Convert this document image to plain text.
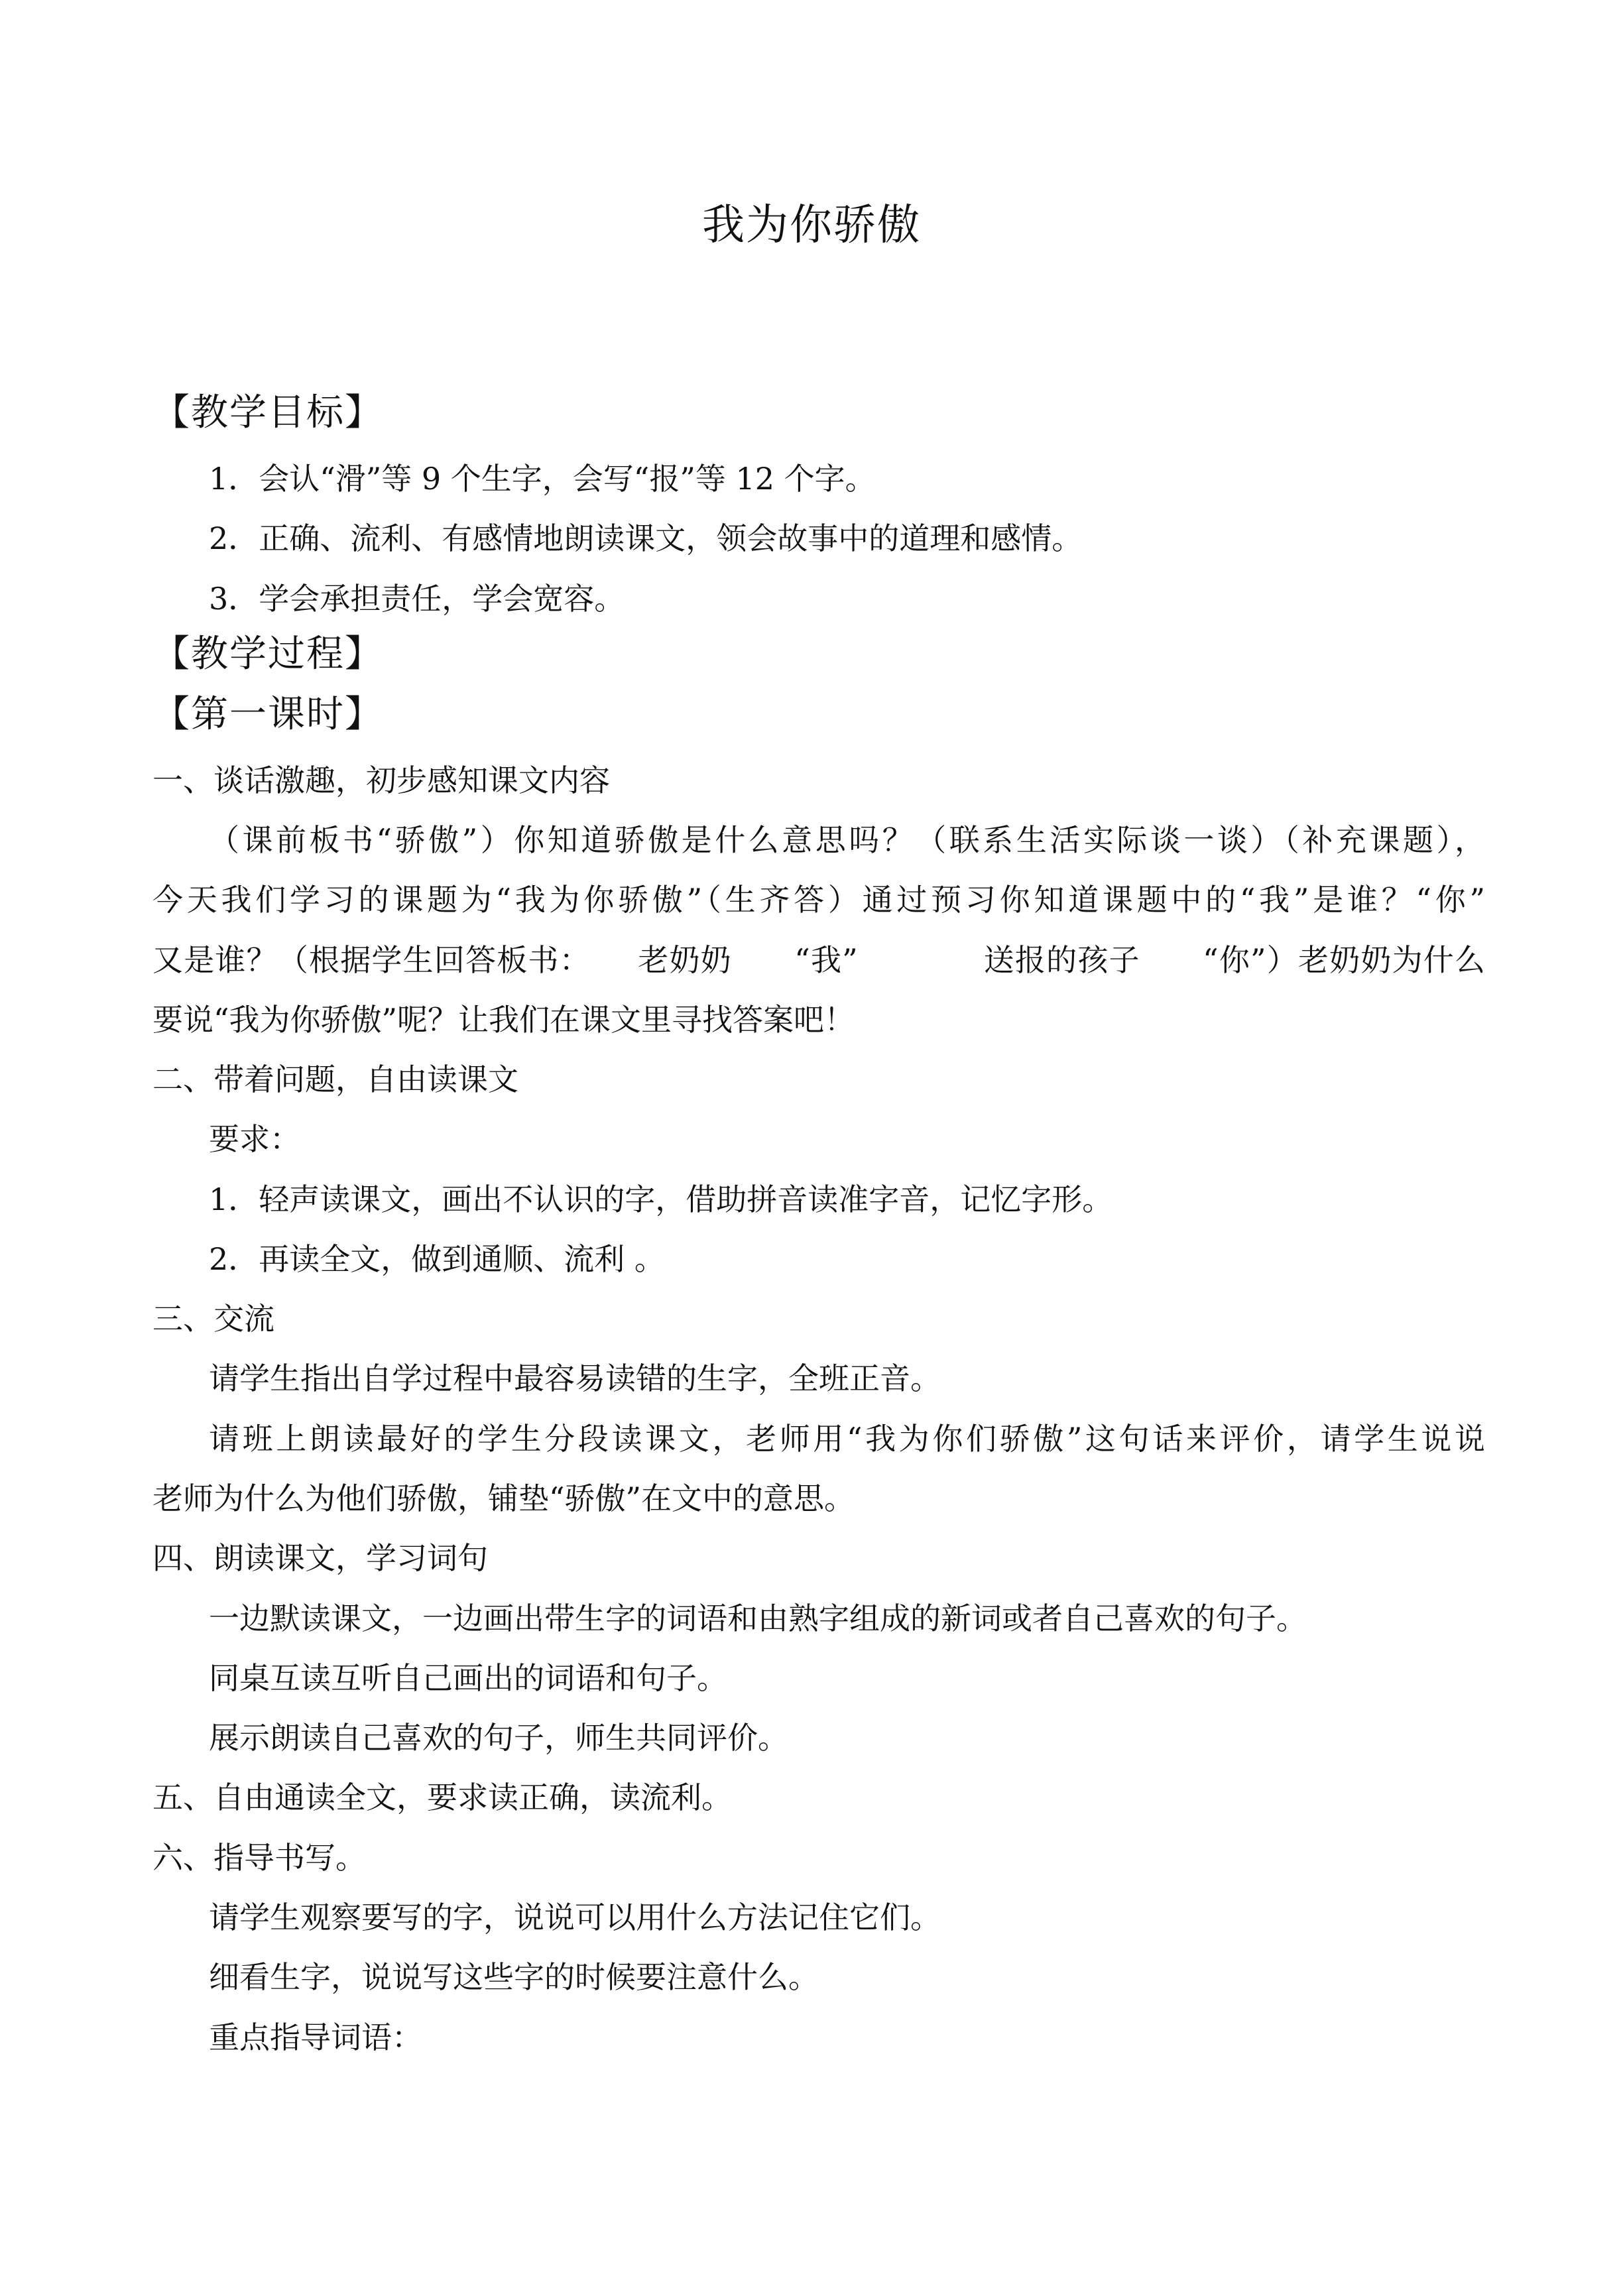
我为你骄傲
【教学目标】
1．会认“滑”等 9 个生字，会写“报”等 12 个字。
2．正确、流利、有感情地朗读课文，领会故事中的道理和感情。
3．学会承担责任，学会宽容。
【教学过程】
【第一课时】
一、谈话激趣，初步感知课文内容
（课前板书“骄傲”）你知道骄傲是什么意思吗？（联系生活实际谈一谈）（补充课题），
今天我们学习的课题为“我为你骄傲”（生齐答）通过预习你知道课题中的“我”是谁？“你”
又是谁？（根据学生回答板书：　　老奶奶　　“我”　　　　送报的孩子　　“你”）老奶奶为什么
要说“我为你骄傲”呢？让我们在课文里寻找答案吧！
二、带着问题，自由读课文
要求：
1．轻声读课文，画出不认识的字，借助拼音读准字音，记忆字形。
2．再读全文，做到通顺、流利 。
三、交流
请学生指出自学过程中最容易读错的生字，全班正音。
请班上朗读最好的学生分段读课文，老师用“我为你们骄傲”这句话来评价，请学生说说
老师为什么为他们骄傲，铺垫“骄傲”在文中的意思。
四、朗读课文，学习词句
一边默读课文，一边画出带生字的词语和由熟字组成的新词或者自己喜欢的句子。
同桌互读互听自己画出的词语和句子。
展示朗读自己喜欢的句子，师生共同评价。
五、自由通读全文，要求读正确，读流利。
六、指导书写。
请学生观察要写的字，说说可以用什么方法记住它们。
细看生字，说说写这些字的时候要注意什么。
重点指导词语：
